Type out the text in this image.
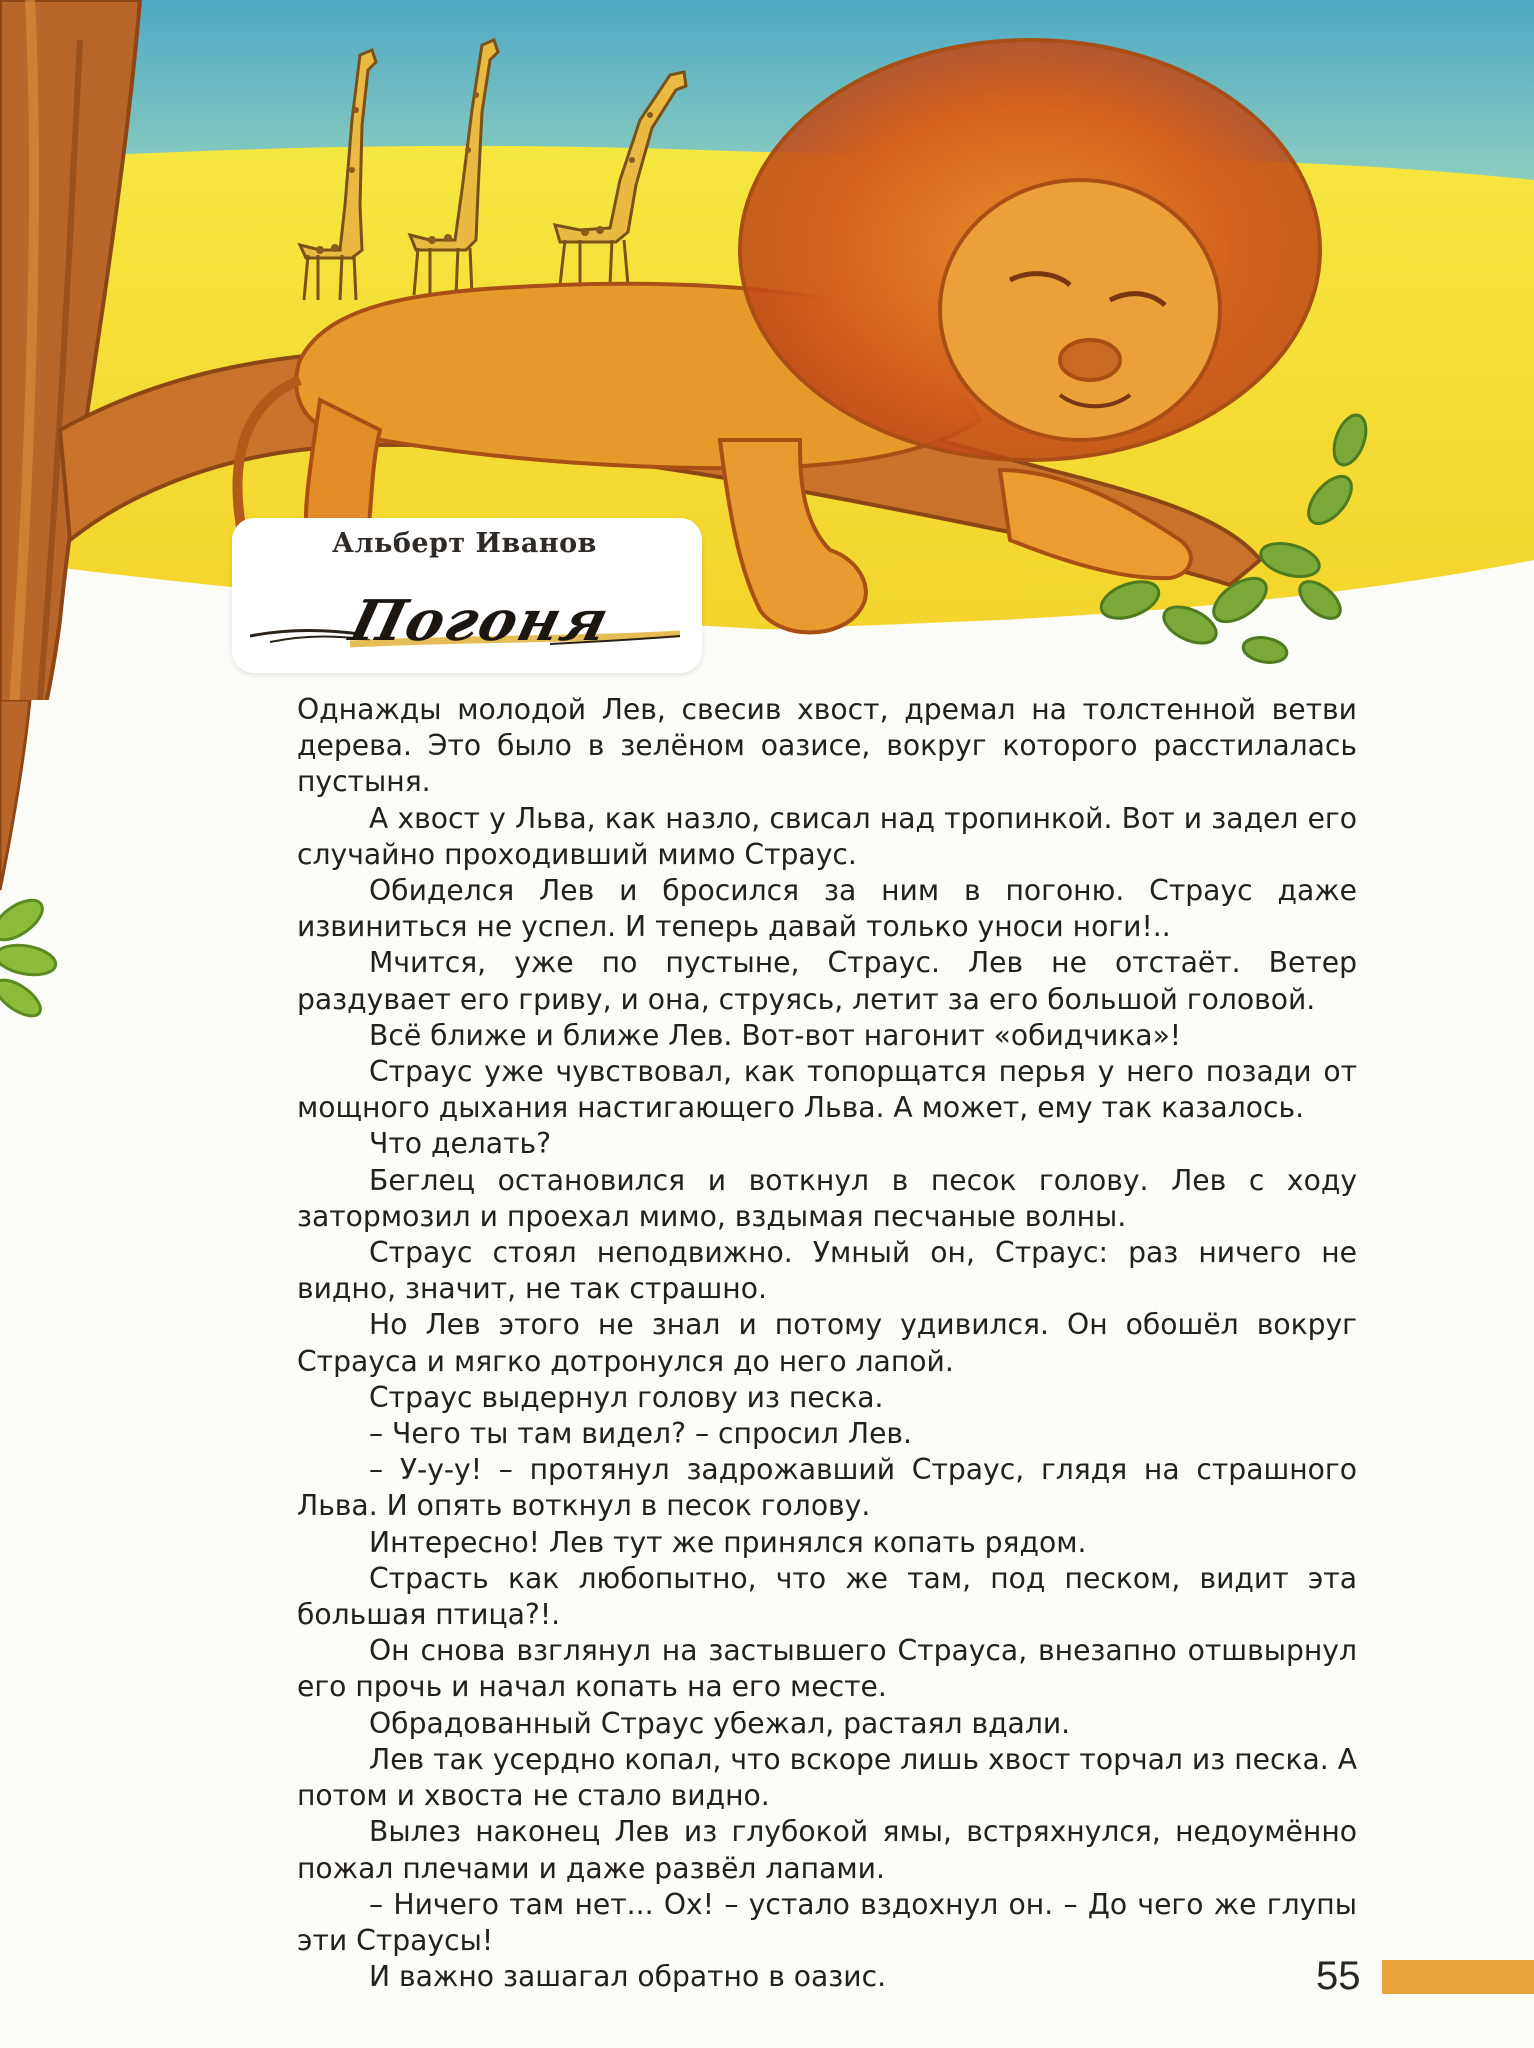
Альберт Иванов

Погоня

Однажды молодой Лев, свесив хвост, дремал на толстенной ветви дерева. Это было в зелёном оазисе, вокруг которого расстилалась пустыня.

А хвост у Льва, как назло, свисал над тропинкой. Вот и задел его случайно проходивший мимо Страус.

Обиделся Лев и бросился за ним в погоню. Страус даже извиниться не успел. И теперь давай только уноси ноги!..

Мчится, уже по пустыне, Страус. Лев не отстаёт. Ветер раздувает его гриву, и она, струясь, летит за его большой головой.

Всё ближе и ближе Лев. Вот-вот нагонит «обидчика»!

Страус уже чувствовал, как топорщатся перья у него позади от мощного дыхания настигающего Льва. А может, ему так казалось.

Что делать?

Беглец остановился и воткнул в песок голову. Лев с ходу затормозил и проехал мимо, вздымая песчаные волны.

Страус стоял неподвижно. Умный он, Страус: раз ничего не видно, значит, не так страшно.

Но Лев этого не знал и потому удивился. Он обошёл вокруг Страуса и мягко дотронулся до него лапой.

Страус выдернул голову из песка.

– Чего ты там видел? – спросил Лев.

– У-у-у! – протянул задрожавший Страус, глядя на страшного Льва. И опять воткнул в песок голову.

Интересно! Лев тут же принялся копать рядом.

Страсть как любопытно, что же там, под песком, видит эта большая птица?!.

Он снова взглянул на застывшего Страуса, внезапно отшвырнул его прочь и начал копать на его месте.

Обрадованный Страус убежал, растаял вдали.

Лев так усердно копал, что вскоре лишь хвост торчал из песка. А потом и хвоста не стало видно.

Вылез наконец Лев из глубокой ямы, встряхнулся, недоумённо пожал плечами и даже развёл лапами.

– Ничего там нет... Ох! – устало вздохнул он. – До чего же глупы эти Страусы!

И важно зашагал обратно в оазис.	55
